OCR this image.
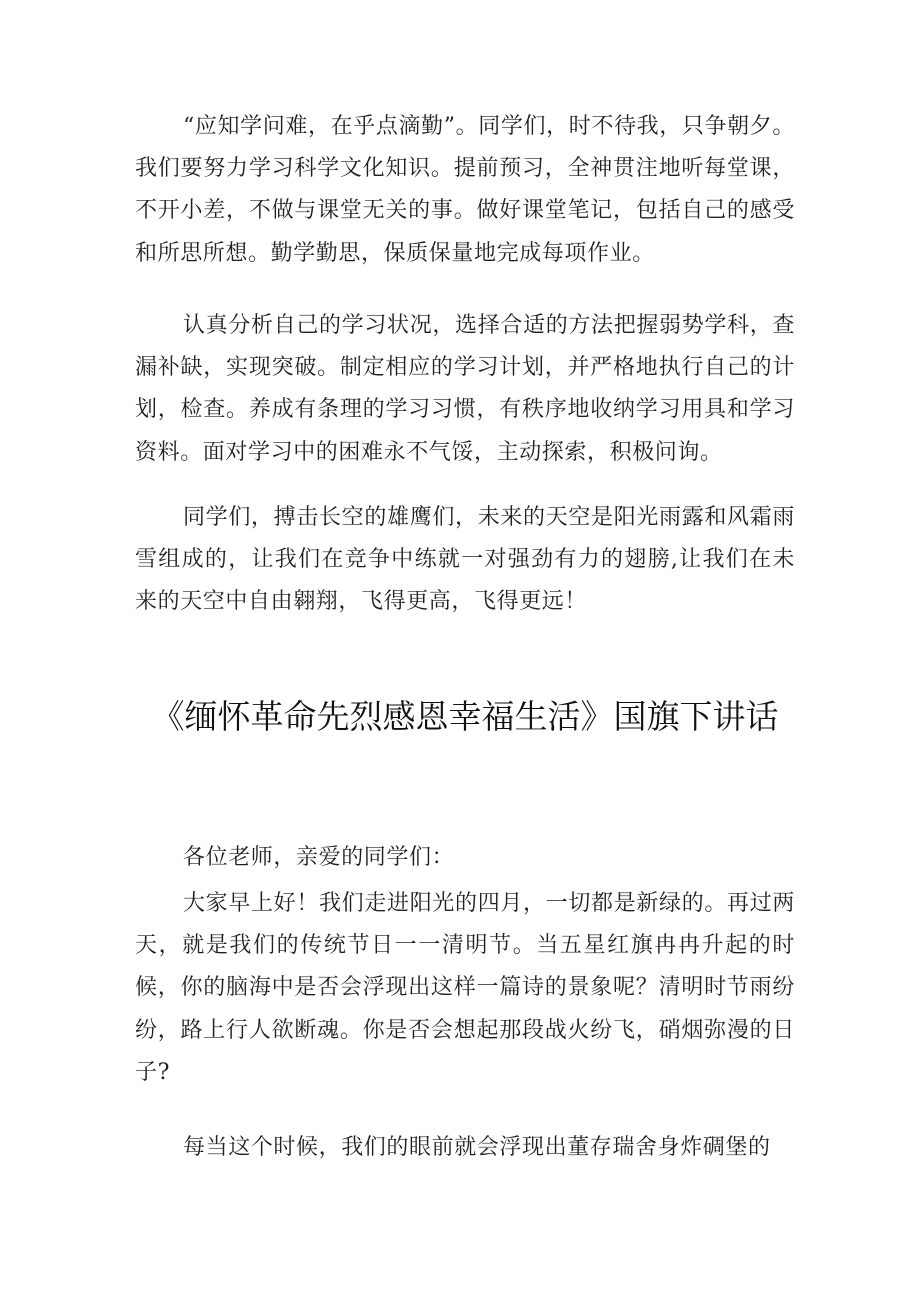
“应知学问难，在乎点滴勤”。同学们，时不待我，只争朝夕。我们要努力学习科学文化知识。提前预习，全神贯注地听每堂课，不开小差，不做与课堂无关的事。做好课堂笔记，包括自己的感受和所思所想。勤学勤思，保质保量地完成每项作业。

认真分析自己的学习状况，选择合适的方法把握弱势学科，查漏补缺，实现突破。制定相应的学习计划，并严格地执行自己的计划，检查。养成有条理的学习习惯，有秩序地收纳学习用具和学习资料。面对学习中的困难永不气馁，主动探索，积极问询。

同学们，搏击长空的雄鹰们，未来的天空是阳光雨露和风霜雨雪组成的，让我们在竞争中练就一对强劲有力的翅膀,让我们在未来的天空中自由翱翔，飞得更高，飞得更远！

《缅怀革命先烈感恩幸福生活》国旗下讲话

各位老师，亲爱的同学们：

大家早上好！我们走进阳光的四月，一切都是新绿的。再过两天，就是我们的传统节日一一清明节。当五星红旗冉冉升起的时候，你的脑海中是否会浮现出这样一篇诗的景象呢？清明时节雨纷纷，路上行人欲断魂。你是否会想起那段战火纷飞，硝烟弥漫的日子?

每当这个时候，我们的眼前就会浮现出董存瑞舍身炸碉堡的
